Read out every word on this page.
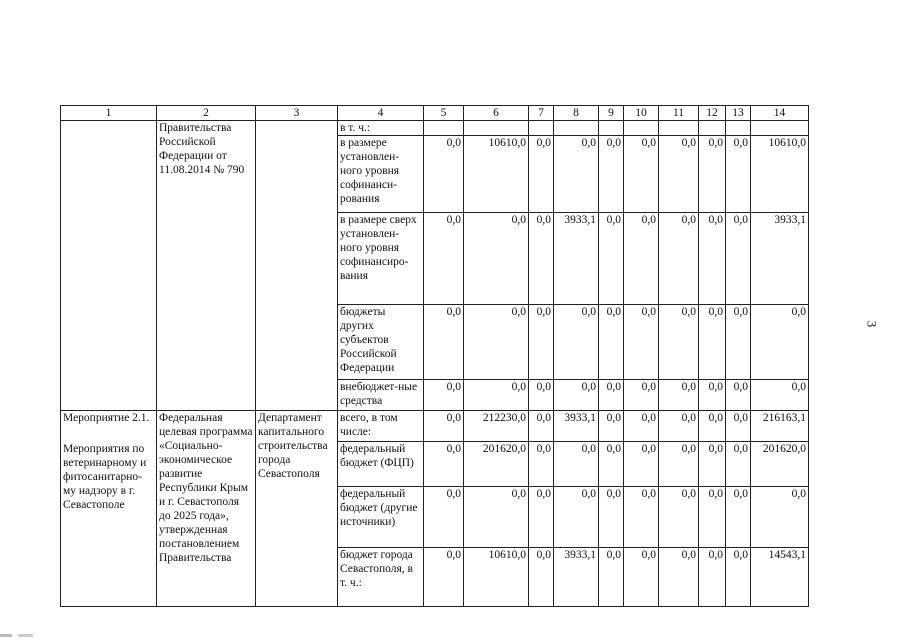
1	2	3	4	5	6	7	8	9	10	11	12	13	14
	Правительства Российской Федерации от 11.08.2014 № 790		в т. ч.:										
			в размере установлен-ного уровня софинанси-рования	0,0	10610,0	0,0	0,0	0,0	0,0	0,0	0,0	0,0	10610,0
			в размере сверх установлен-ного уровня софинансиро-вания	0,0	0,0	0,0	3933,1	0,0	0,0	0,0	0,0	0,0	3933,1
			бюджеты других субъектов Российской Федерации	0,0	0,0	0,0	0,0	0,0	0,0	0,0	0,0	0,0	0,0
			внебюджет-ные средства	0,0	0,0	0,0	0,0	0,0	0,0	0,0	0,0	0,0	0,0
Мероприятие 2.1.	Федеральная целевая программа «Социально-экономическое развитие Республики Крым и г. Севастополя до 2025 года», утвержденная постановлением Правительства	Департамент капитального строительства города Севастополя	всего, в том числе:	0,0	212230,0	0,0	3933,1	0,0	0,0	0,0	0,0	0,0	216163,1
Мероприятия по ветеринарному и фитосанитарно-му надзору в г. Севастополе			федеральный бюджет (ФЦП)	0,0	201620,0	0,0	0,0	0,0	0,0	0,0	0,0	0,0	201620,0
			федеральный бюджет (другие источники)	0,0	0,0	0,0	0,0	0,0	0,0	0,0	0,0	0,0	0,0
			бюджет города Севастополя, в т. ч.:	0,0	10610,0	0,0	3933,1	0,0	0,0	0,0	0,0	0,0	14543,1
3
